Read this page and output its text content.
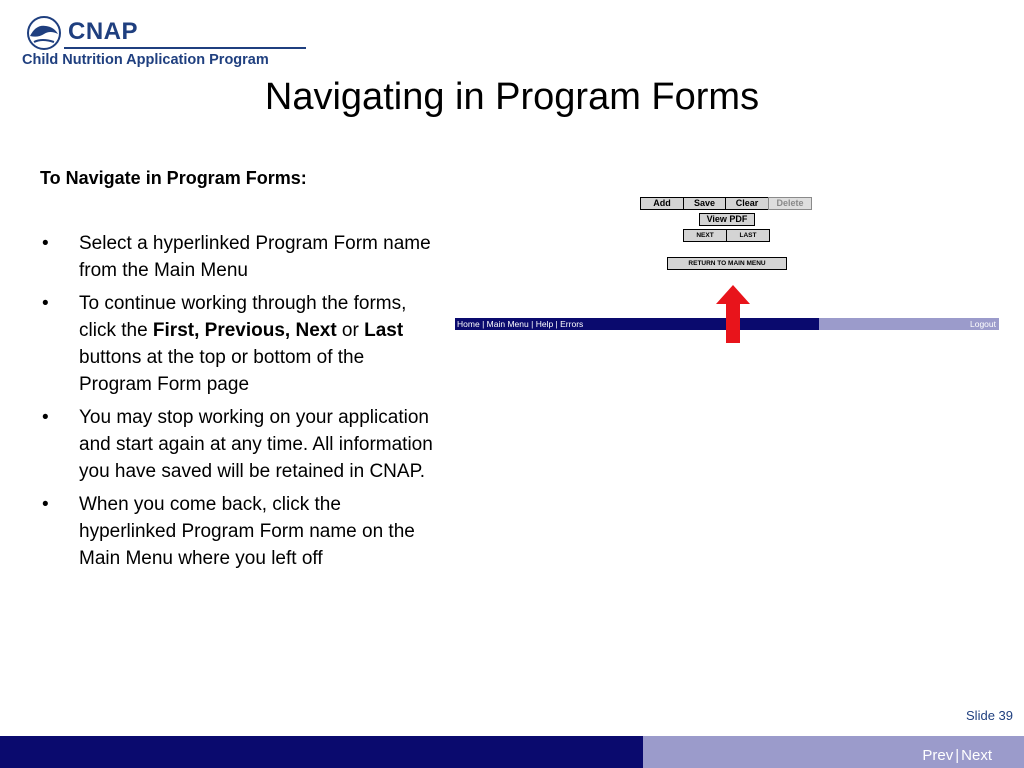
CNAP
Child Nutrition Application Program
Navigating in Program Forms
To Navigate in Program Forms:
• Select a hyperlinked Program Form name from the Main Menu
• To continue working through the forms, click the First, Previous, Next or Last buttons at the top or bottom of the Program Form page
• You may stop working on your application and start again at any time. All information you have saved will be retained in CNAP.
• When you come back, click the hyperlinked Program Form name on the Main Menu where you left off
Add	Save	Clear	Delete
View PDF
NEXT	LAST
RETURN TO MAIN MENU
Home | Main Menu | Help | Errors	Logout
Slide 39
Prev | Next
